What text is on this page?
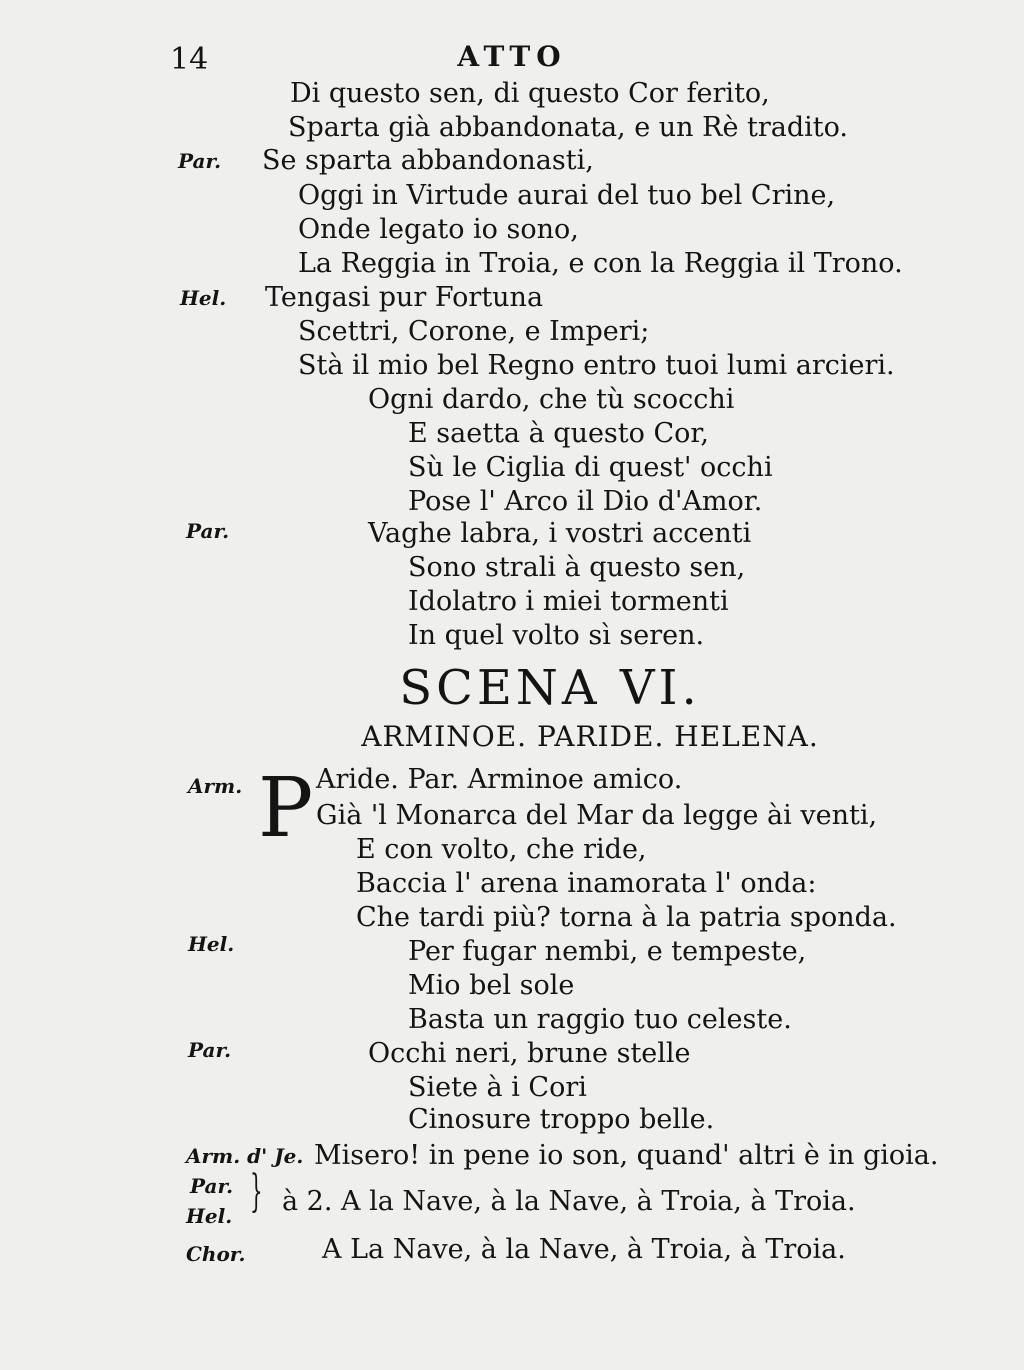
14	ATTO
Di questo sen, di questo Cor ferito,
Sparta già abbandonata, e un Rè tradito.
Par. Se sparta abbandonasti,
Oggi in Virtude aurai del tuo bel Crine,
Onde legato io sono,
La Reggia in Troia, e con la Reggia il Trono.
Hel. Tengasi pur Fortuna
Scettri, Corone, e Imperi;
Stà il mio bel Regno entro tuoi lumi arcieri.
Ogni dardo, che tù scocchi
E saetta à questo Cor,
Sù le Ciglia di quest' occhi
Pose l' Arco il Dio d'Amor.
Par.	Vaghe labra, i vostri accenti
Sono strali à questo sen,
Idolatro i miei tormenti
In quel volto sì seren.
SCENA VI.
ARMINOE. PARIDE. HELENA.
Arm. P Aride. Par. Arminoe amico.
Già 'l Monarca del Mar da legge ài venti,
E con volto, che ride,
Baccia l' arena inamorata l' onda:
Che tardi più? torna à la patria sponda.
Hel.	Per fugar nembi, e tempeste,
Mio bel sole
Basta un raggio tuo celeste.
Par.	Occhi neri, brune stelle
Siete à i Cori
Cinosure troppo belle.
Arm. d' Je. Misero! in pene io son, quand' altri è in gioia.
Par.
Hel. } à 2. A la Nave, à la Nave, à Troia, à Troia.
Chor.	A La Nave, à la Nave, à Troia, à Troia.
